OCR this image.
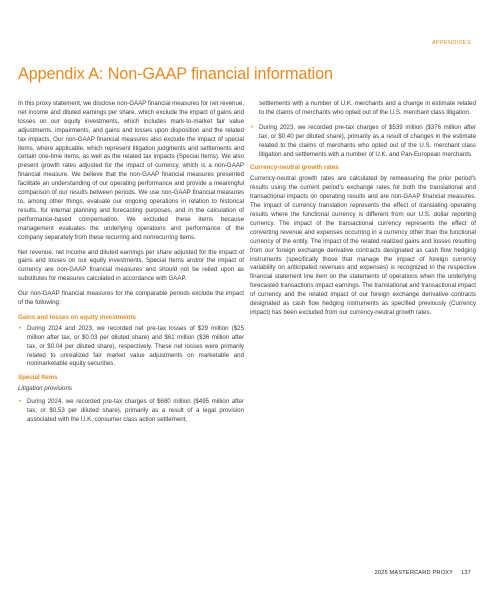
APPENDICES
Appendix A: Non-GAAP financial information

In this proxy statement, we disclose non-GAAP financial measures for net revenue, net income and diluted earnings per share, which exclude the impact of gains and losses on our equity investments, which includes mark-to-market fair value adjustments, impairments, and gains and losses upon disposition and the related tax impacts. Our non-GAAP financial measures also exclude the impact of special items, where applicable, which represent litigation judgments and settlements and certain one-time items, as well as the related tax impacts (Special Items). We also present growth rates adjusted for the impact of currency, which is a non-GAAP financial measure. We believe that the non-GAAP financial measures presented facilitate an understanding of our operating performance and provide a meaningful comparison of our results between periods. We use non-GAAP financial measures to, among other things, evaluate our ongoing operations in relation to historical results, for internal planning and forecasting purposes, and in the calculation of performance-based compensation. We excluded these items because management evaluates the underlying operations and performance of the company separately from these recurring and nonrecurring items.

Net revenue, net income and diluted earnings per share adjusted for the impact of gains and losses on our equity investments, Special Items and/or the impact of currency are non-GAAP financial measures and should not be relied upon as substitutes for measures calculated in accordance with GAAP.

Our non-GAAP financial measures for the comparable periods exclude the impact of the following:

Gains and losses on equity investments
• During 2024 and 2023, we recorded net pre-tax losses of $29 million ($25 million after tax, or $0.03 per diluted share) and $61 million ($36 million after tax, or $0.04 per diluted share), respectively. These net losses were primarily related to unrealized fair market value adjustments on marketable and nonmarketable equity securities.
Special Items
Litigation provisions
• During 2024, we recorded pre-tax charges of $680 million ($495 million after tax, or $0.53 per diluted share), primarily as a result of a legal provision associated with the U.K. consumer class action settlement,

settlements with a number of U.K. merchants and a change in estimate related to the claims of merchants who opted out of the U.S. merchant class litigation.

• During 2023, we recorded pre-tax charges of $539 million ($376 million after tax, or $0.40 per diluted share), primarily as a result of changes in the estimate related to the claims of merchants who opted out of the U.S. merchant class litigation and settlements with a number of U.K. and Pan-European merchants.
Currency-neutral growth rates

Currency-neutral growth rates are calculated by remeasuring the prior period's results using the current period's exchange rates for both the translational and transactional impacts on operating results and are non-GAAP financial measures. The impact of currency translation represents the effect of translating operating results where the functional currency is different from our U.S. dollar reporting currency. The impact of the transactional currency represents the effect of converting revenue and expenses occurring in a currency other than the functional currency of the entity. The impact of the related realized gains and losses resulting from our foreign exchange derivative contracts designated as cash flow hedging instruments (specifically those that manage the impact of foreign currency variability on anticipated revenues and expenses) is recognized in the respective financial statement line item on the statements of operations when the underlying forecasted transactions impact earnings. The translational and transactional impact of currency and the related impact of our foreign exchange derivative contracts designated as cash flow hedging instruments as specified previously (Currency impact) has been excluded from our currency-neutral growth rates.

2025 MASTERCARD PROXY 137
